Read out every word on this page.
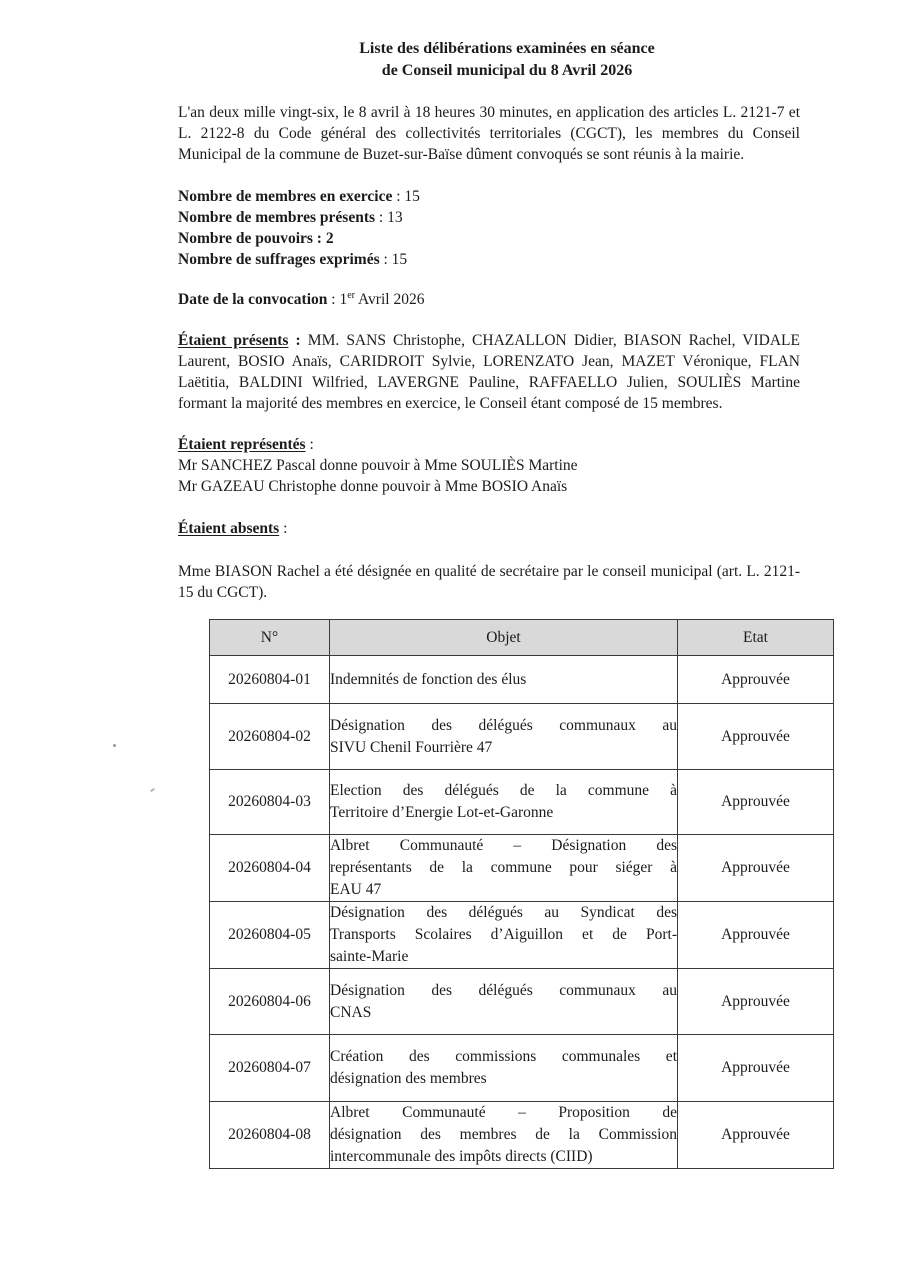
Liste des délibérations examinées en séance
de Conseil municipal du 8 Avril 2026

L'an deux mille vingt-six, le 8 avril à 18 heures 30 minutes, en application des articles L. 2121-7 et L. 2122-8 du Code général des collectivités territoriales (CGCT), les membres du Conseil Municipal de la commune de Buzet-sur-Baïse dûment convoqués se sont réunis à la mairie.

Nombre de membres en exercice : 15
Nombre de membres présents : 13
Nombre de pouvoirs : 2
Nombre de suffrages exprimés : 15
Date de la convocation : 1er Avril 2026

Étaient présents : MM. SANS Christophe, CHAZALLON Didier, BIASON Rachel, VIDALE Laurent, BOSIO Anaïs, CARIDROIT Sylvie, LORENZATO Jean, MAZET Véronique, FLAN Laëtitia, BALDINI Wilfried, LAVERGNE Pauline, RAFFAELLO Julien, SOULIÈS Martine formant la majorité des membres en exercice, le Conseil étant composé de 15 membres.

Étaient représentés :
Mr SANCHEZ Pascal donne pouvoir à Mme SOULIÈS Martine
Mr GAZEAU Christophe donne pouvoir à Mme BOSIO Anaïs
Étaient absents :

Mme BIASON Rachel a été désignée en qualité de secrétaire par le conseil municipal (art. L. 2121-15 du CGCT).

N°	Objet	Etat
20260804-01	Indemnités de fonction des élus	Approuvée
20260804-02	Désignation des délégués communaux au
SIVU Chenil Fourrière 47	Approuvée
20260804-03	Election des délégués de la commune à
Territoire d’Energie Lot-et-Garonne	Approuvée
20260804-04	Albret Communauté – Désignation des
représentants de la commune pour siéger à
EAU 47	Approuvée
20260804-05	Désignation des délégués au Syndicat des
Transports Scolaires d’Aiguillon et de Port-
sainte-Marie	Approuvée
20260804-06	Désignation des délégués communaux au
CNAS	Approuvée
20260804-07	Création des commissions communales et
désignation des membres	Approuvée
20260804-08	Albret Communauté – Proposition de
désignation des membres de la Commission
intercommunale des impôts directs (CIID)	Approuvée
